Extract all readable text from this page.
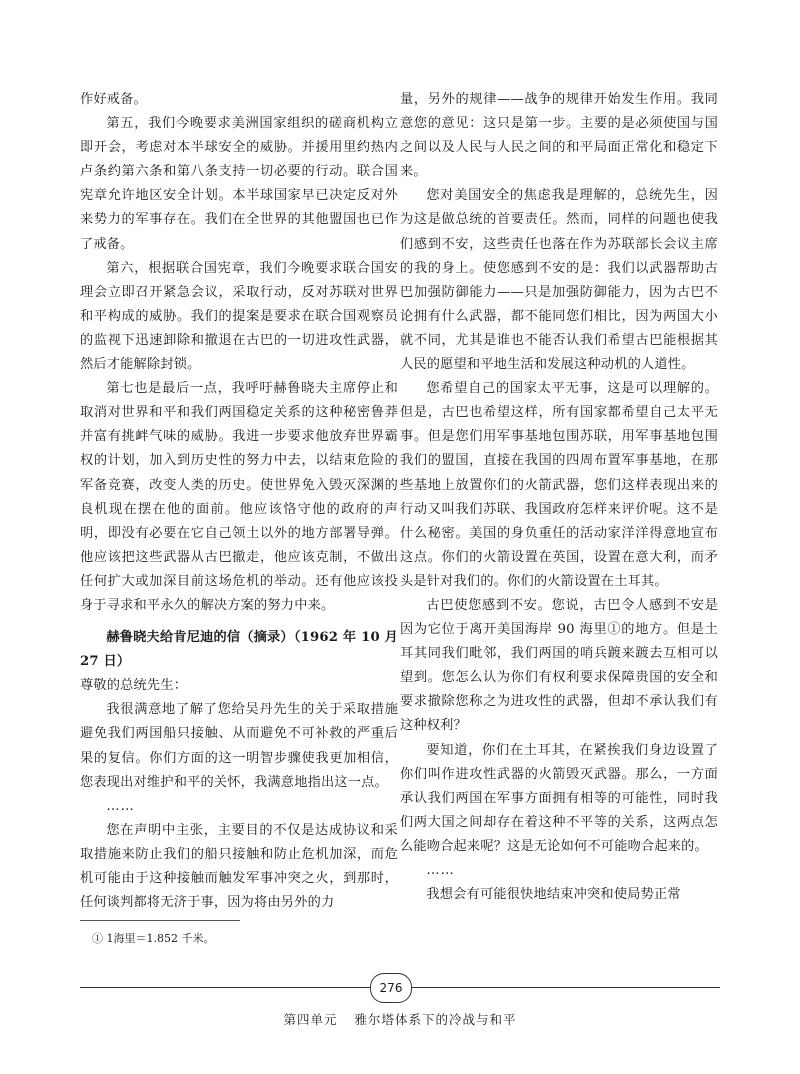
作好戒备。

第五，我们今晚要求美洲国家组织的磋商机构立即开会，考虑对本半球安全的威胁。并援用里约热内卢条约第六条和第八条支持一切必要的行动。联合国宪章允许地区安全计划。本半球国家早已决定反对外来势力的军事存在。我们在全世界的其他盟国也已作了戒备。

第六，根据联合国宪章，我们今晚要求联合国安理会立即召开紧急会议，采取行动，反对苏联对世界和平构成的威胁。我们的提案是要求在联合国观察员的监视下迅速卸除和撤退在古巴的一切进攻性武器，然后才能解除封锁。

第七也是最后一点，我呼吁赫鲁晓夫主席停止和取消对世界和平和我们两国稳定关系的这种秘密鲁莽并富有挑衅气味的威胁。我进一步要求他放弃世界霸权的计划，加入到历史性的努力中去，以结束危险的军备竞赛，改变人类的历史。使世界免入毁灭深渊的良机现在摆在他的面前。他应该恪守他的政府的声明，即没有必要在它自己领土以外的地方部署导弹。他应该把这些武器从古巴撤走，他应该克制，不做出任何扩大或加深目前这场危机的举动。还有他应该投身于寻求和平永久的解决方案的努力中来。

赫鲁晓夫给肯尼迪的信（摘录）（1962 年 10 月 27 日）

尊敬的总统先生：

我很满意地了解了您给吴丹先生的关于采取措施避免我们两国船只接触、从而避免不可补救的严重后果的复信。你们方面的这一明智步骤使我更加相信，您表现出对维护和平的关怀，我满意地指出这一点。

……

您在声明中主张，主要目的不仅是达成协议和采取措施来防止我们的船只接触和防止危机加深，而危机可能由于这种接触而触发军事冲突之火，到那时，任何谈判都将无济于事，因为将由另外的力

量，另外的规律——战争的规律开始发生作用。我同意您的意见：这只是第一步。主要的是必须使国与国之间以及人民与人民之间的和平局面正常化和稳定下来。

您对美国安全的焦虑我是理解的，总统先生，因为这是做总统的首要责任。然而，同样的问题也使我们感到不安，这些责任也落在作为苏联部长会议主席的我的身上。使您感到不安的是：我们以武器帮助古巴加强防御能力——只是加强防御能力，因为古巴不论拥有什么武器，都不能同您们相比，因为两国大小就不同，尤其是谁也不能否认我们希望古巴能根据其人民的愿望和平地生活和发展这种动机的人道性。

您希望自己的国家太平无事，这是可以理解的。但是，古巴也希望这样，所有国家都希望自己太平无事。但是您们用军事基地包围苏联，用军事基地包围我们的盟国，直接在我国的四周布置军事基地，在那些基地上放置你们的火箭武器，您们这样表现出来的行动又叫我们苏联、我国政府怎样来评价呢。这不是什么秘密。美国的身负重任的活动家洋洋得意地宣布这点。你们的火箭设置在英国，设置在意大利，而矛头是针对我们的。你们的火箭设置在土耳其。

古巴使您感到不安。您说，古巴令人感到不安是因为它位于离开美国海岸 90 海里①的地方。但是土耳其同我们毗邻，我们两国的哨兵踱来踱去互相可以望到。您怎么认为你们有权利要求保障贵国的安全和要求撤除您称之为进攻性的武器，但却不承认我们有这种权利？

要知道，你们在土耳其，在紧挨我们身边设置了你们叫作进攻性武器的火箭毁灭武器。那么，一方面承认我们两国在军事方面拥有相等的可能性，同时我们两大国之间却存在着这种不平等的关系，这两点怎么能吻合起来呢？这是无论如何不可能吻合起来的。

……

我想会有可能很快地结束冲突和使局势正常

① 1海里＝1.852 千米。
276
第四单元 雅尔塔体系下的冷战与和平
